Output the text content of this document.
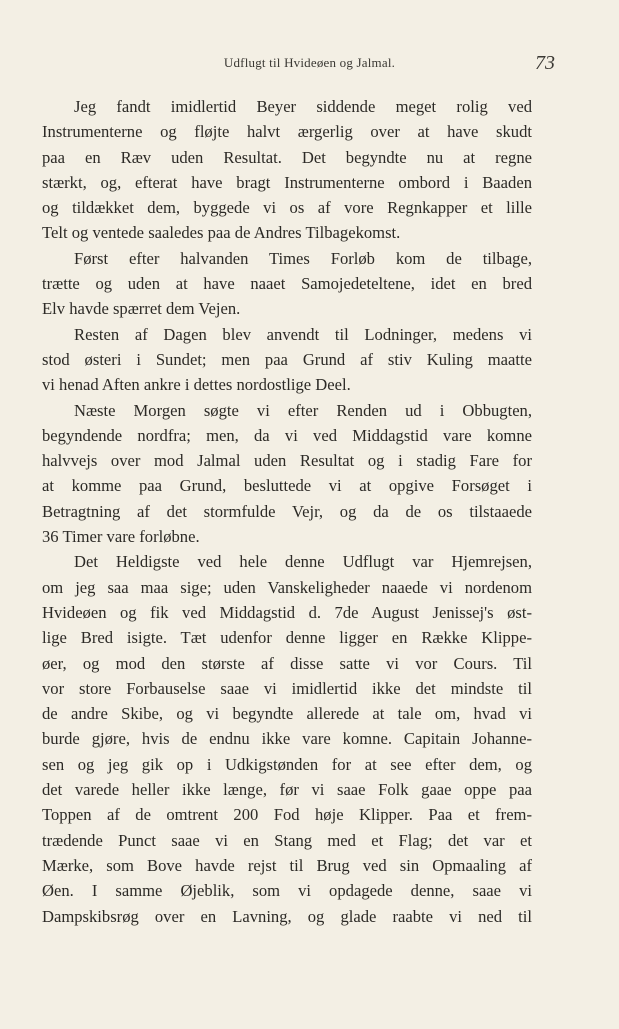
Udflugt til Hvideøen og Jalmal.	73
Jeg fandt imidlertid Beyer siddende meget rolig ved
Instrumenterne og fløjte halvt ærgerlig over at have skudt
paa en Ræv uden Resultat. Det begyndte nu at regne
stærkt, og, efterat have bragt Instrumenterne ombord i Baaden
og tildækket dem, byggede vi os af vore Regnkapper et lille
Telt og ventede saaledes paa de Andres Tilbagekomst.
Først efter halvanden Times Forløb kom de tilbage,
trætte og uden at have naaet Samojedeteltene, idet en bred
Elv havde spærret dem Vejen.
Resten af Dagen blev anvendt til Lodninger, medens vi
stod østeri i Sundet; men paa Grund af stiv Kuling maatte
vi henad Aften ankre i dettes nordostlige Deel.
Næste Morgen søgte vi efter Renden ud i Obbugten,
begyndende nordfra; men, da vi ved Middagstid vare komne
halvvejs over mod Jalmal uden Resultat og i stadig Fare for
at komme paa Grund, besluttede vi at opgive Forsøget i
Betragtning af det stormfulde Vejr, og da de os tilstaaede
36 Timer vare forløbne.
Det Heldigste ved hele denne Udflugt var Hjemrejsen,
om jeg saa maa sige; uden Vanskeligheder naaede vi nordenom
Hvideøen og fik ved Middagstid d. 7de August Jenissej's øst-
lige Bred isigte. Tæt udenfor denne ligger en Række Klippe-
øer, og mod den største af disse satte vi vor Cours. Til
vor store Forbauselse saae vi imidlertid ikke det mindste til
de andre Skibe, og vi begyndte allerede at tale om, hvad vi
burde gjøre, hvis de endnu ikke vare komne. Capitain Johanne-
sen og jeg gik op i Udkigstønden for at see efter dem, og
det varede heller ikke længe, før vi saae Folk gaae oppe paa
Toppen af de omtrent 200 Fod høje Klipper. Paa et frem-
trædende Punct saae vi en Stang med et Flag; det var et
Mærke, som Bove havde rejst til Brug ved sin Opmaaling af
Øen. I samme Øjeblik, som vi opdagede denne, saae vi
Dampskibsrøg over en Lavning, og glade raabte vi ned til
